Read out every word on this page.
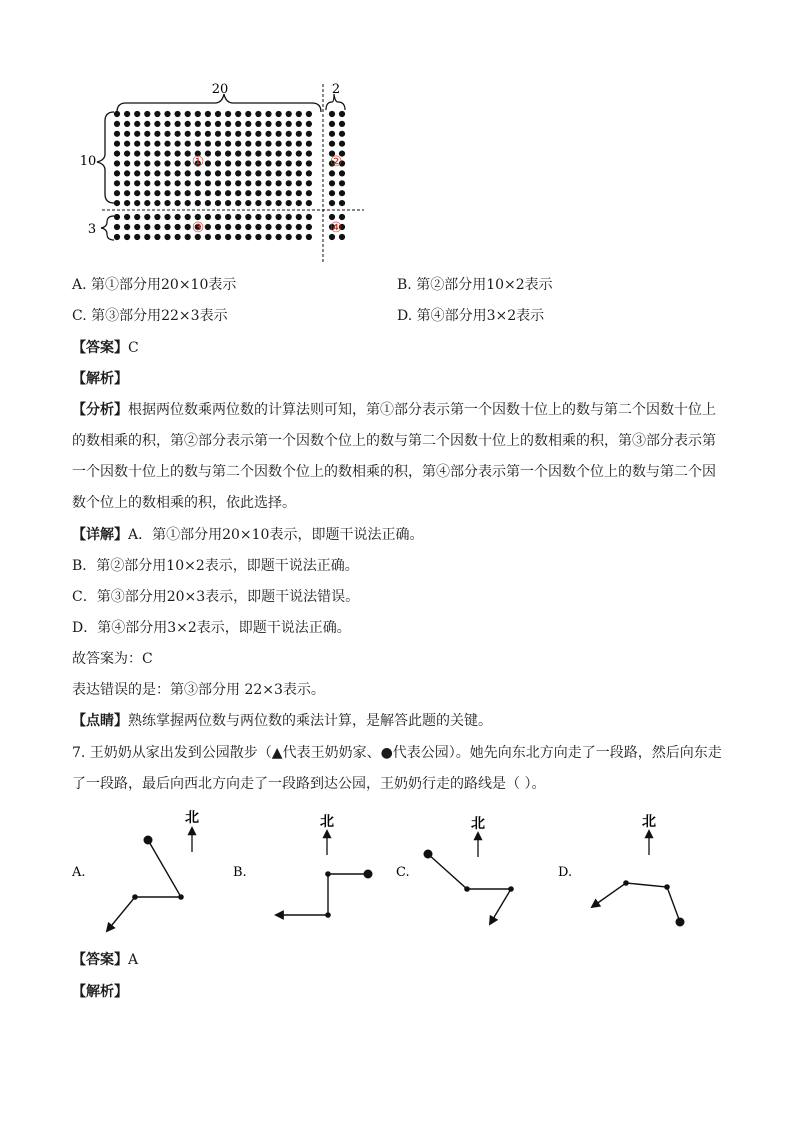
20	2
10
3
①	②
③	④
A. 第①部分用20×10表示	B. 第②部分用10×2表示
C. 第③部分用22×3表示	D. 第④部分用3×2表示
【答案】C
【解析】
【分析】根据两位数乘两位数的计算法则可知，第①部分表示第一个因数十位上的数与第二个因数十位上
的数相乘的积，第②部分表示第一个因数个位上的数与第二个因数十位上的数相乘的积，第③部分表示第
一个因数十位上的数与第二个因数个位上的数相乘的积，第④部分表示第一个因数个位上的数与第二个因
数个位上的数相乘的积，依此选择。
【详解】A．第①部分用20×10表示，即题干说法正确。
B．第②部分用10×2表示，即题干说法正确。
C．第③部分用20×3表示，即题干说法错误。
D．第④部分用3×2表示，即题干说法正确。
故答案为：C
表达错误的是：第③部分用 22×3表示。
【点睛】熟练掌握两位数与两位数的乘法计算，是解答此题的关键。
7. 王奶奶从家出发到公园散步（▲代表王奶奶家、●代表公园）。她先向东北方向走了一段路，然后向东走
了一段路，最后向西北方向走了一段路到达公园，王奶奶行走的路线是（ ）。
A.
北
B.
北
C.
北
D.
北
【答案】A
【解析】
